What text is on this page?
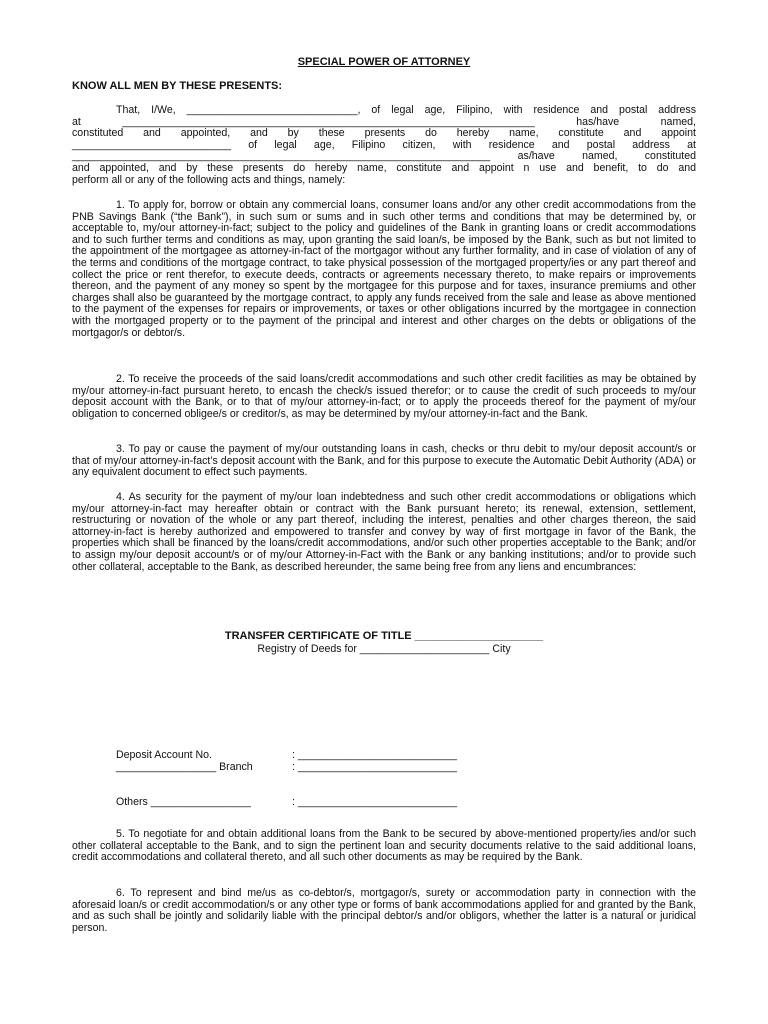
SPECIAL POWER OF ATTORNEY
KNOW ALL MEN BY THESE PRESENTS:
That, I/We, _____________________________, of legal age, Filipino, with residence and postal address
at ______________________________________________________________________ has/have named,
constituted and appointed, and by these presents do hereby name, constitute and appoint
___________________________ of legal age, Filipino citizen, with residence and postal address at
_______________________________________________________________________ as/have named, constituted
and appointed, and by these presents do hereby name, constitute and appoint n use and benefit, to do and
perform all or any of the following acts and things, namely:

1. To apply for, borrow or obtain any commercial loans, consumer loans and/or any other credit accommodations from the PNB Savings Bank (“the Bank”), in such sum or sums and in such other terms and conditions that may be determined by, or acceptable to, my/our attorney-in-fact; subject to the policy and guidelines of the Bank in granting loans or credit accommodations and to such further terms and conditions as may, upon granting the said loan/s, be imposed by the Bank, such as but not limited to the appointment of the mortgagee as attorney-in-fact of the mortgagor without any further formality, and in case of violation of any of the terms and conditions of the mortgage contract, to take physical possession of the mortgaged property/ies or any part thereof and collect the price or rent therefor, to execute deeds, contracts or agreements necessary thereto, to make repairs or improvements thereon, and the payment of any money so spent by the mortgagee for this purpose and for taxes, insurance premiums and other charges shall also be guaranteed by the mortgage contract, to apply any funds received from the sale and lease as above mentioned to the payment of the expenses for repairs or improvements, or taxes or other obligations incurred by the mortgagee in connection with the mortgaged property or to the payment of the principal and interest and other charges on the debts or obligations of the mortgagor/s or debtor/s.

2. To receive the proceeds of the said loans/credit accommodations and such other credit facilities as may be obtained by my/our attorney-in-fact pursuant hereto, to encash the check/s issued therefor; or to cause the credit of such proceeds to my/our deposit account with the Bank, or to that of my/our attorney-in-fact; or to apply the proceeds thereof for the payment of my/our obligation to concerned obligee/s or creditor/s, as may be determined by my/our attorney-in-fact and the Bank.

3. To pay or cause the payment of my/our outstanding loans in cash, checks or thru debit to my/our deposit account/s or that of my/our attorney-in-fact’s deposit account with the Bank, and for this purpose to execute the Automatic Debit Authority (ADA) or any equivalent document to effect such payments.

4. As security for the payment of my/our loan indebtedness and such other credit accommodations or obligations which my/our attorney-in-fact may hereafter obtain or contract with the Bank pursuant hereto; its renewal, extension, settlement, restructuring or novation of the whole or any part thereof, including the interest, penalties and other charges thereon, the said attorney-in-fact is hereby authorized and empowered to transfer and convey by way of first mortgage in favor of the Bank, the properties which shall be financed by the loans/credit accommodations, and/or such other properties acceptable to the Bank; and/or to assign my/our deposit account/s or of my/our Attorney-in-Fact with the Bank or any banking institutions; and/or to provide such other collateral, acceptable to the Bank, as described hereunder, the same being free from any liens and encumbrances:

TRANSFER CERTIFICATE OF TITLE _____________________
Registry of Deeds for ______________________ City
Deposit Account No.	: ___________________________
_________________ Branch	: ___________________________
Others _________________	: ___________________________

5. To negotiate for and obtain additional loans from the Bank to be secured by above-mentioned property/ies and/or such other collateral acceptable to the Bank, and to sign the pertinent loan and security documents relative to the said additional loans, credit accommodations and collateral thereto, and all such other documents as may be required by the Bank.

6. To represent and bind me/us as co-debtor/s, mortgagor/s, surety or accommodation party in connection with the aforesaid loan/s or credit accommodation/s or any other type or forms of bank accommodations applied for and granted by the Bank, and as such shall be jointly and solidarily liable with the principal debtor/s and/or obligors, whether the latter is a natural or juridical person.
